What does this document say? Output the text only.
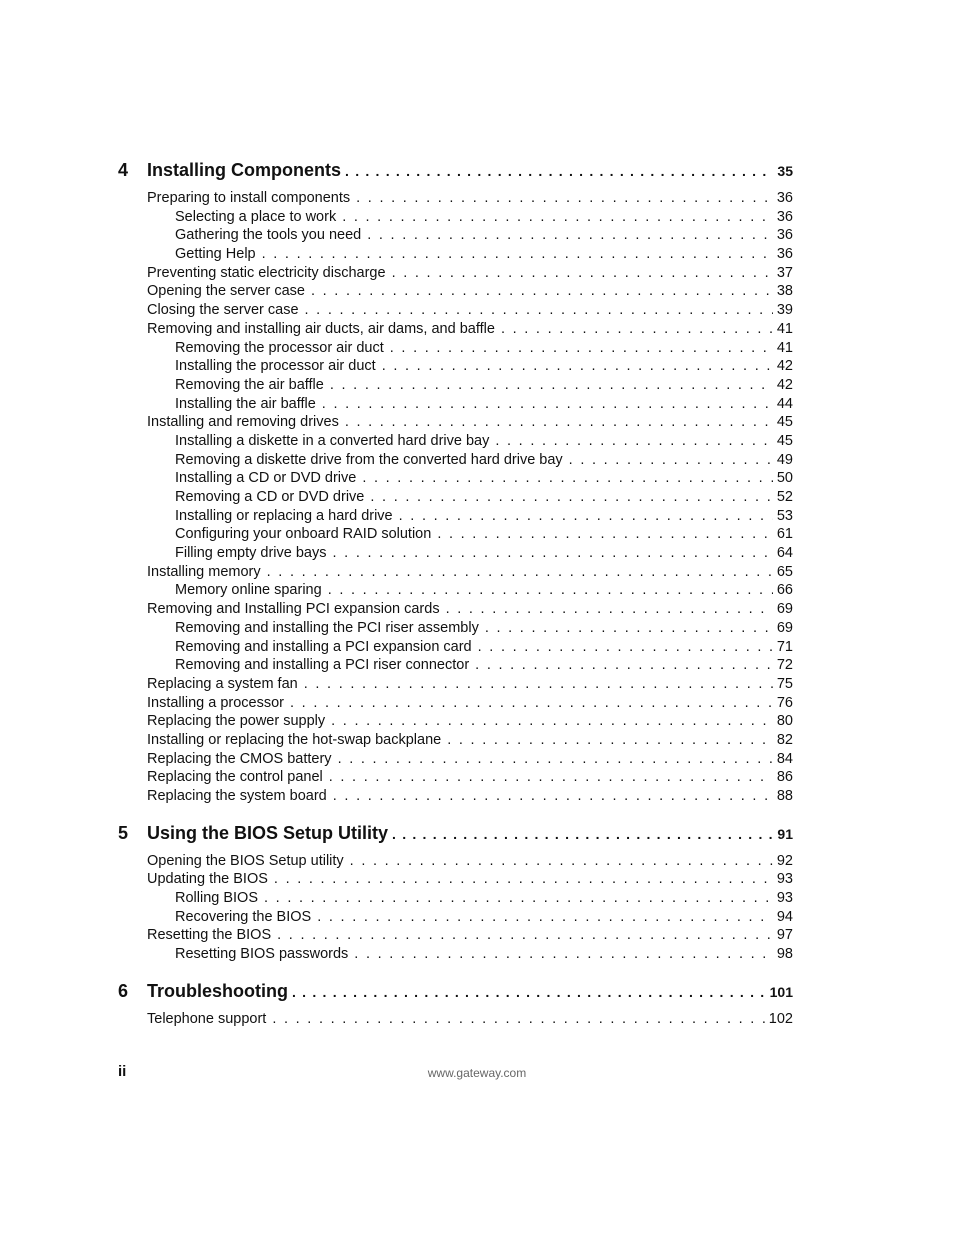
4	Installing Components . . .	35
Preparing to install components . . .	36
Selecting a place to work . . .	36
Gathering the tools you need . . .	36
Getting Help . . .	36
Preventing static electricity discharge . . .	37
Opening the server case . . .	38
Closing the server case . . .	39
Removing and installing air ducts, air dams, and baffle . . .	41
Removing the processor air duct . . .	41
Installing the processor air duct . . .	42
Removing the air baffle . . .	42
Installing the air baffle . . .	44
Installing and removing drives . . .	45
Installing a diskette in a converted hard drive bay . . .	45
Removing a diskette drive from the converted hard drive bay . . .	49
Installing a CD or DVD drive . . .	50
Removing a CD or DVD drive . . .	52
Installing or replacing a hard drive . . .	53
Configuring your onboard RAID solution . . .	61
Filling empty drive bays . . .	64
Installing memory . . .	65
Memory online sparing . . .	66
Removing and Installing PCI expansion cards . . .	69
Removing and installing the PCI riser assembly . . .	69
Removing and installing a PCI expansion card . . .	71
Removing and installing a PCI riser connector . . .	72
Replacing a system fan . . .	75
Installing a processor . . .	76
Replacing the power supply . . .	80
Installing or replacing the hot-swap backplane . . .	82
Replacing the CMOS battery . . .	84
Replacing the control panel . . .	86
Replacing the system board . . .	88
5	Using the BIOS Setup Utility . . .	91
Opening the BIOS Setup utility . . .	92
Updating the BIOS . . .	93
Rolling BIOS . . .	93
Recovering the BIOS . . .	94
Resetting the BIOS . . .	97
Resetting BIOS passwords . . .	98
6	Troubleshooting . . .	101
Telephone support . . .	102
ii	www.gateway.com
